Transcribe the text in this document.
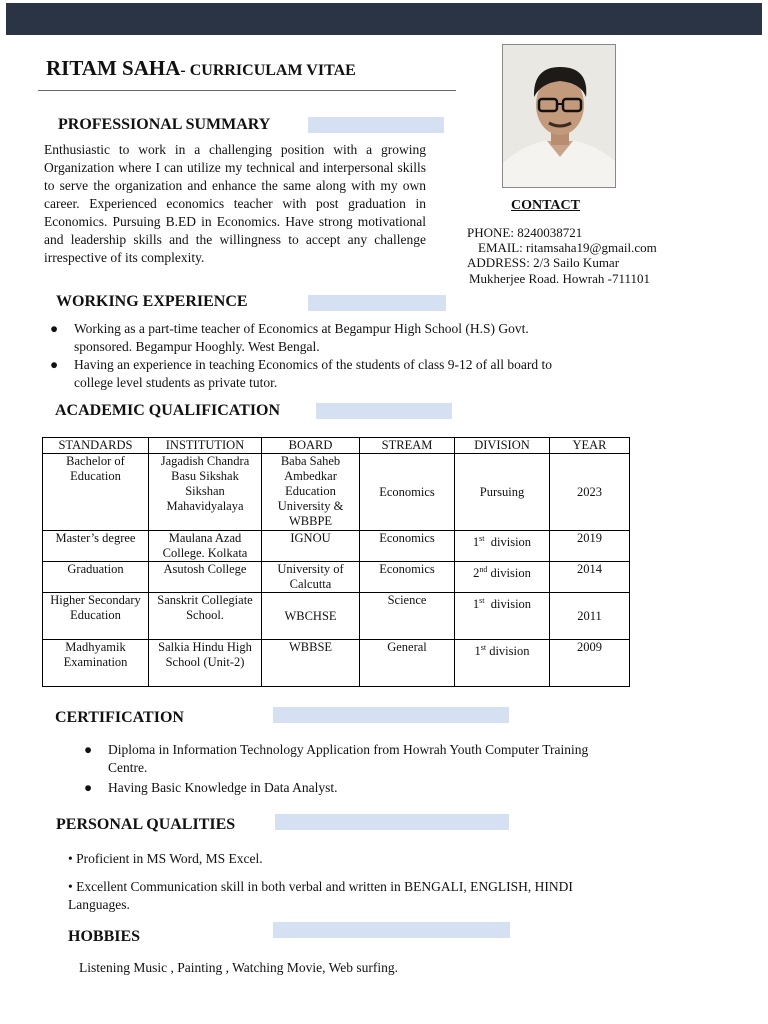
RITAM SAHA- CURRICULAM VITAE
PROFESSIONAL SUMMARY
Enthusiastic to work in a challenging position with a growing Organization where I can utilize my technical and interpersonal skills to serve the organization and enhance the same along with my own career. Experienced economics teacher with post graduation in Economics. Pursuing B.ED in Economics. Have strong motivational and leadership skills and the willingness to accept any challenge irrespective of its complexity.
CONTACT
PHONE: 8240038721
EMAIL: ritamsaha19@gmail.com
ADDRESS: 2/3 Sailo Kumar
Mukherjee Road. Howrah -711101
WORKING EXPERIENCE
● Working as a part-time teacher of Economics at Begampur High School (H.S) Govt. sponsored. Begampur Hooghly. West Bengal.
● Having an experience in teaching Economics of the students of class 9-12 of all board to college level students as private tutor.
ACADEMIC QUALIFICATION
STANDARDS	INSTITUTION	BOARD	STREAM	DIVISION	YEAR
Bachelor of Education	Jagadish Chandra Basu Sikshak Sikshan Mahavidyalaya	Baba Saheb Ambedkar Education University & WBBPE	Economics	Pursuing	2023
Master’s degree	Maulana Azad College. Kolkata	IGNOU	Economics	1st  division	2019
Graduation	Asutosh College	University of Calcutta	Economics	2nd division	2014
Higher Secondary Education	Sanskrit Collegiate School.	WBCHSE	Science	1st  division	2011
Madhyamik Examination	Salkia Hindu High School (Unit-2)	WBBSE	General	1st division	2009
CERTIFICATION
● Diploma in Information Technology Application from Howrah Youth Computer Training Centre.
● Having Basic Knowledge in Data Analyst.
PERSONAL QUALITIES
• Proficient in MS Word, MS Excel.
• Excellent Communication skill in both verbal and written in BENGALI, ENGLISH, HINDI Languages.
HOBBIES
Listening Music , Painting , Watching Movie, Web surfing.
